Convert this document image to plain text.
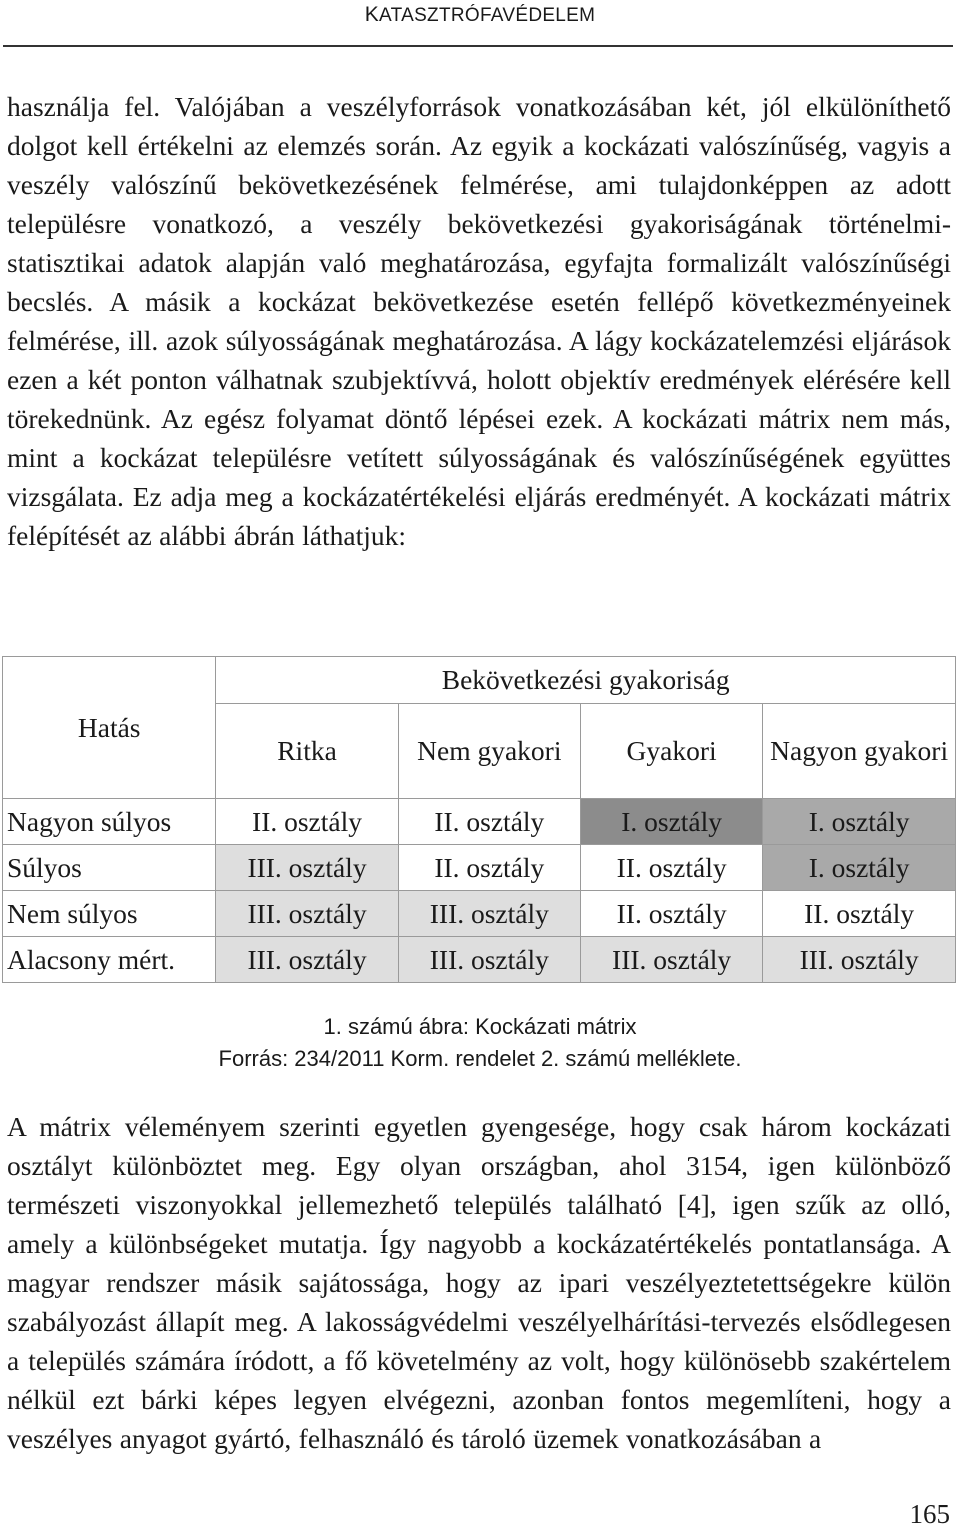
KATASZTRÓFAVÉDELEM

használja fel. Valójában a veszélyforrások vonatkozásában két, jól elkülöníthető dolgot kell értékelni az elemzés során. Az egyik a kockázati valószínűség, vagyis a veszély valószínű bekövetkezésének felmérése, ami tulajdonképpen az adott településre vonatkozó, a veszély bekövetkezési gyakoriságának történelmi-statisztikai adatok alapján való meghatározása, egyfajta formalizált valószínűségi becslés. A másik a kockázat bekövetkezése esetén fellépő következményeinek felmérése, ill. azok súlyosságának meghatározása. A lágy kockázatelemzési eljárások ezen a két ponton válhatnak szubjektívvá, holott objektív eredmények elérésére kell törekednünk. Az egész folyamat döntő lépései ezek. A kockázati mátrix nem más, mint a kockázat településre vetített súlyosságának és valószínűségének együttes vizsgálata. Ez adja meg a kockázatértékelési eljárás eredményét. A kockázati mátrix felépítését az alábbi ábrán láthatjuk:

Hatás	Bekövetkezési gyakoriság			
	Ritka	Nem gyakori	Gyakori	Nagyon gyakori
Nagyon súlyos	II. osztály	II. osztály	I. osztály	I. osztály
Súlyos	III. osztály	II. osztály	II. osztály	I. osztály
Nem súlyos	III. osztály	III. osztály	II. osztály	II. osztály
Alacsony mért.	III. osztály	III. osztály	III. osztály	III. osztály

1. számú ábra: Kockázati mátrix

Forrás: 234/2011 Korm. rendelet 2. számú melléklete.

A mátrix véleményem szerinti egyetlen gyengesége, hogy csak három kockázati osztályt különböztet meg. Egy olyan országban, ahol 3154, igen különböző természeti viszonyokkal jellemezhető település található [4], igen szűk az olló, amely a különbségeket mutatja. Így nagyobb a kockázatértékelés pontatlansága. A magyar rendszer másik sajátossága, hogy az ipari veszélyeztetettségekre külön szabályozást állapít meg. A lakosságvédelmi veszélyelhárítási-tervezés elsődlegesen a település számára íródott, a fő követelmény az volt, hogy különösebb szakértelem nélkül ezt bárki képes legyen elvégezni, azonban fontos megemlíteni, hogy a veszélyes anyagot gyártó, felhasználó és tároló üzemek vonatkozásában a

165
